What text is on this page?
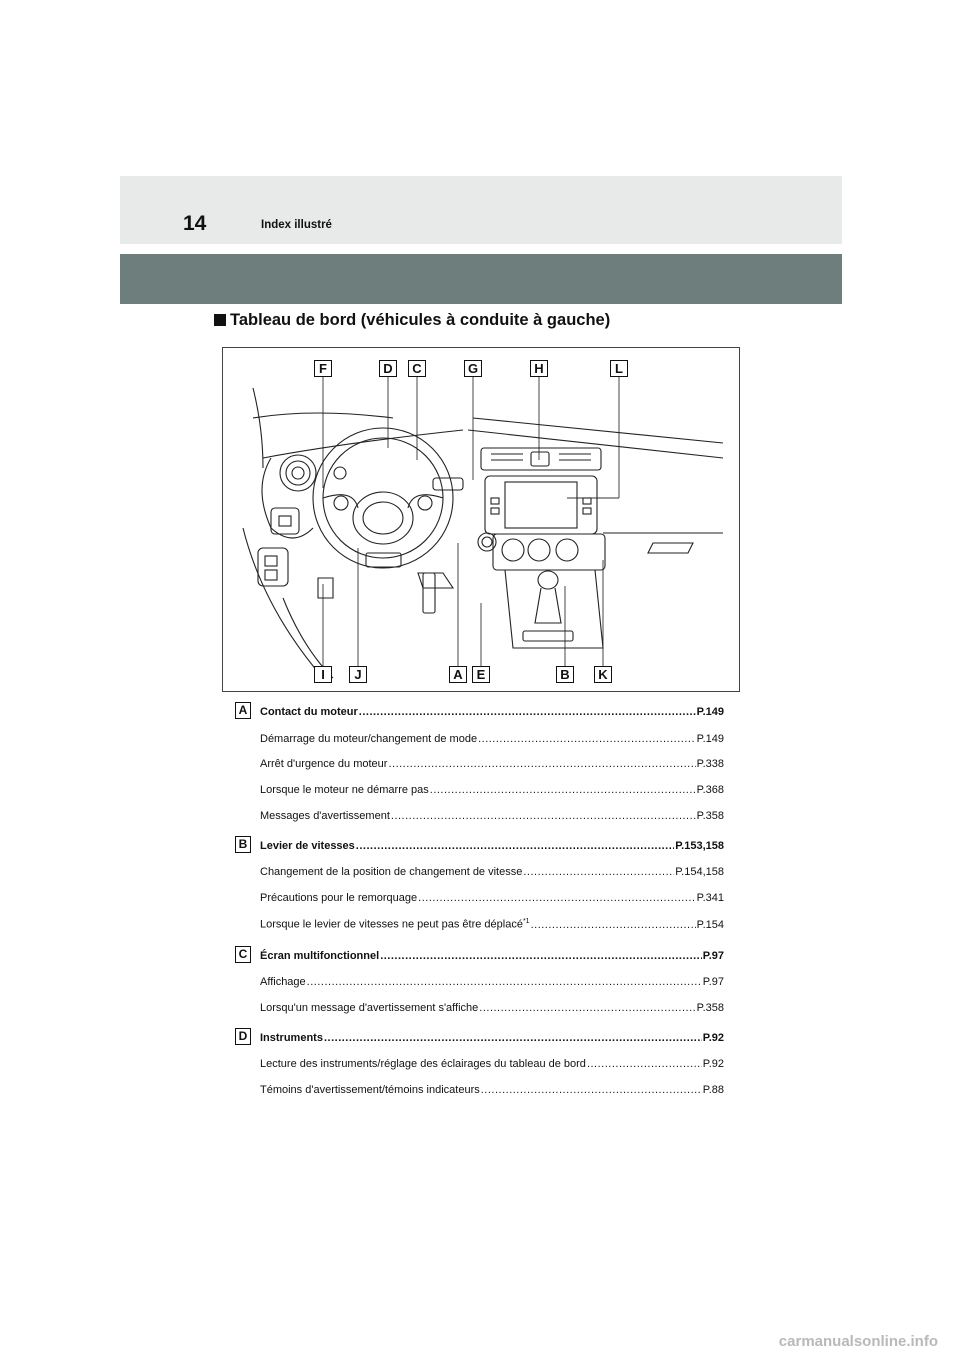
14	Index illustré
Tableau de bord (véhicules à conduite à gauche)
F	D	C	G	H	L
I	J	A	E	B	K
A	Contact du moteur .....	P.149
Démarrage du moteur/changement de mode .....	P.149
Arrêt d'urgence du moteur .....	P.338
Lorsque le moteur ne démarre pas .....	P.368
Messages d'avertissement .....	P.358
B	Levier de vitesses .....	P.153,158
Changement de la position de changement de vitesse .....	P.154,158
Précautions pour le remorquage .....	P.341
Lorsque le levier de vitesses ne peut pas être déplacé$^{*1}$ .....	P.154
C	Écran multifonctionnel .....	P.97
Affichage .....	P.97
Lorsqu'un message d'avertissement s'affiche .....	P.358
D	Instruments .....	P.92
Lecture des instruments/réglage des éclairages du tableau de bord .....	P.92
Témoins d'avertissement/témoins indicateurs .....	P.88
carmanualsonline.info
